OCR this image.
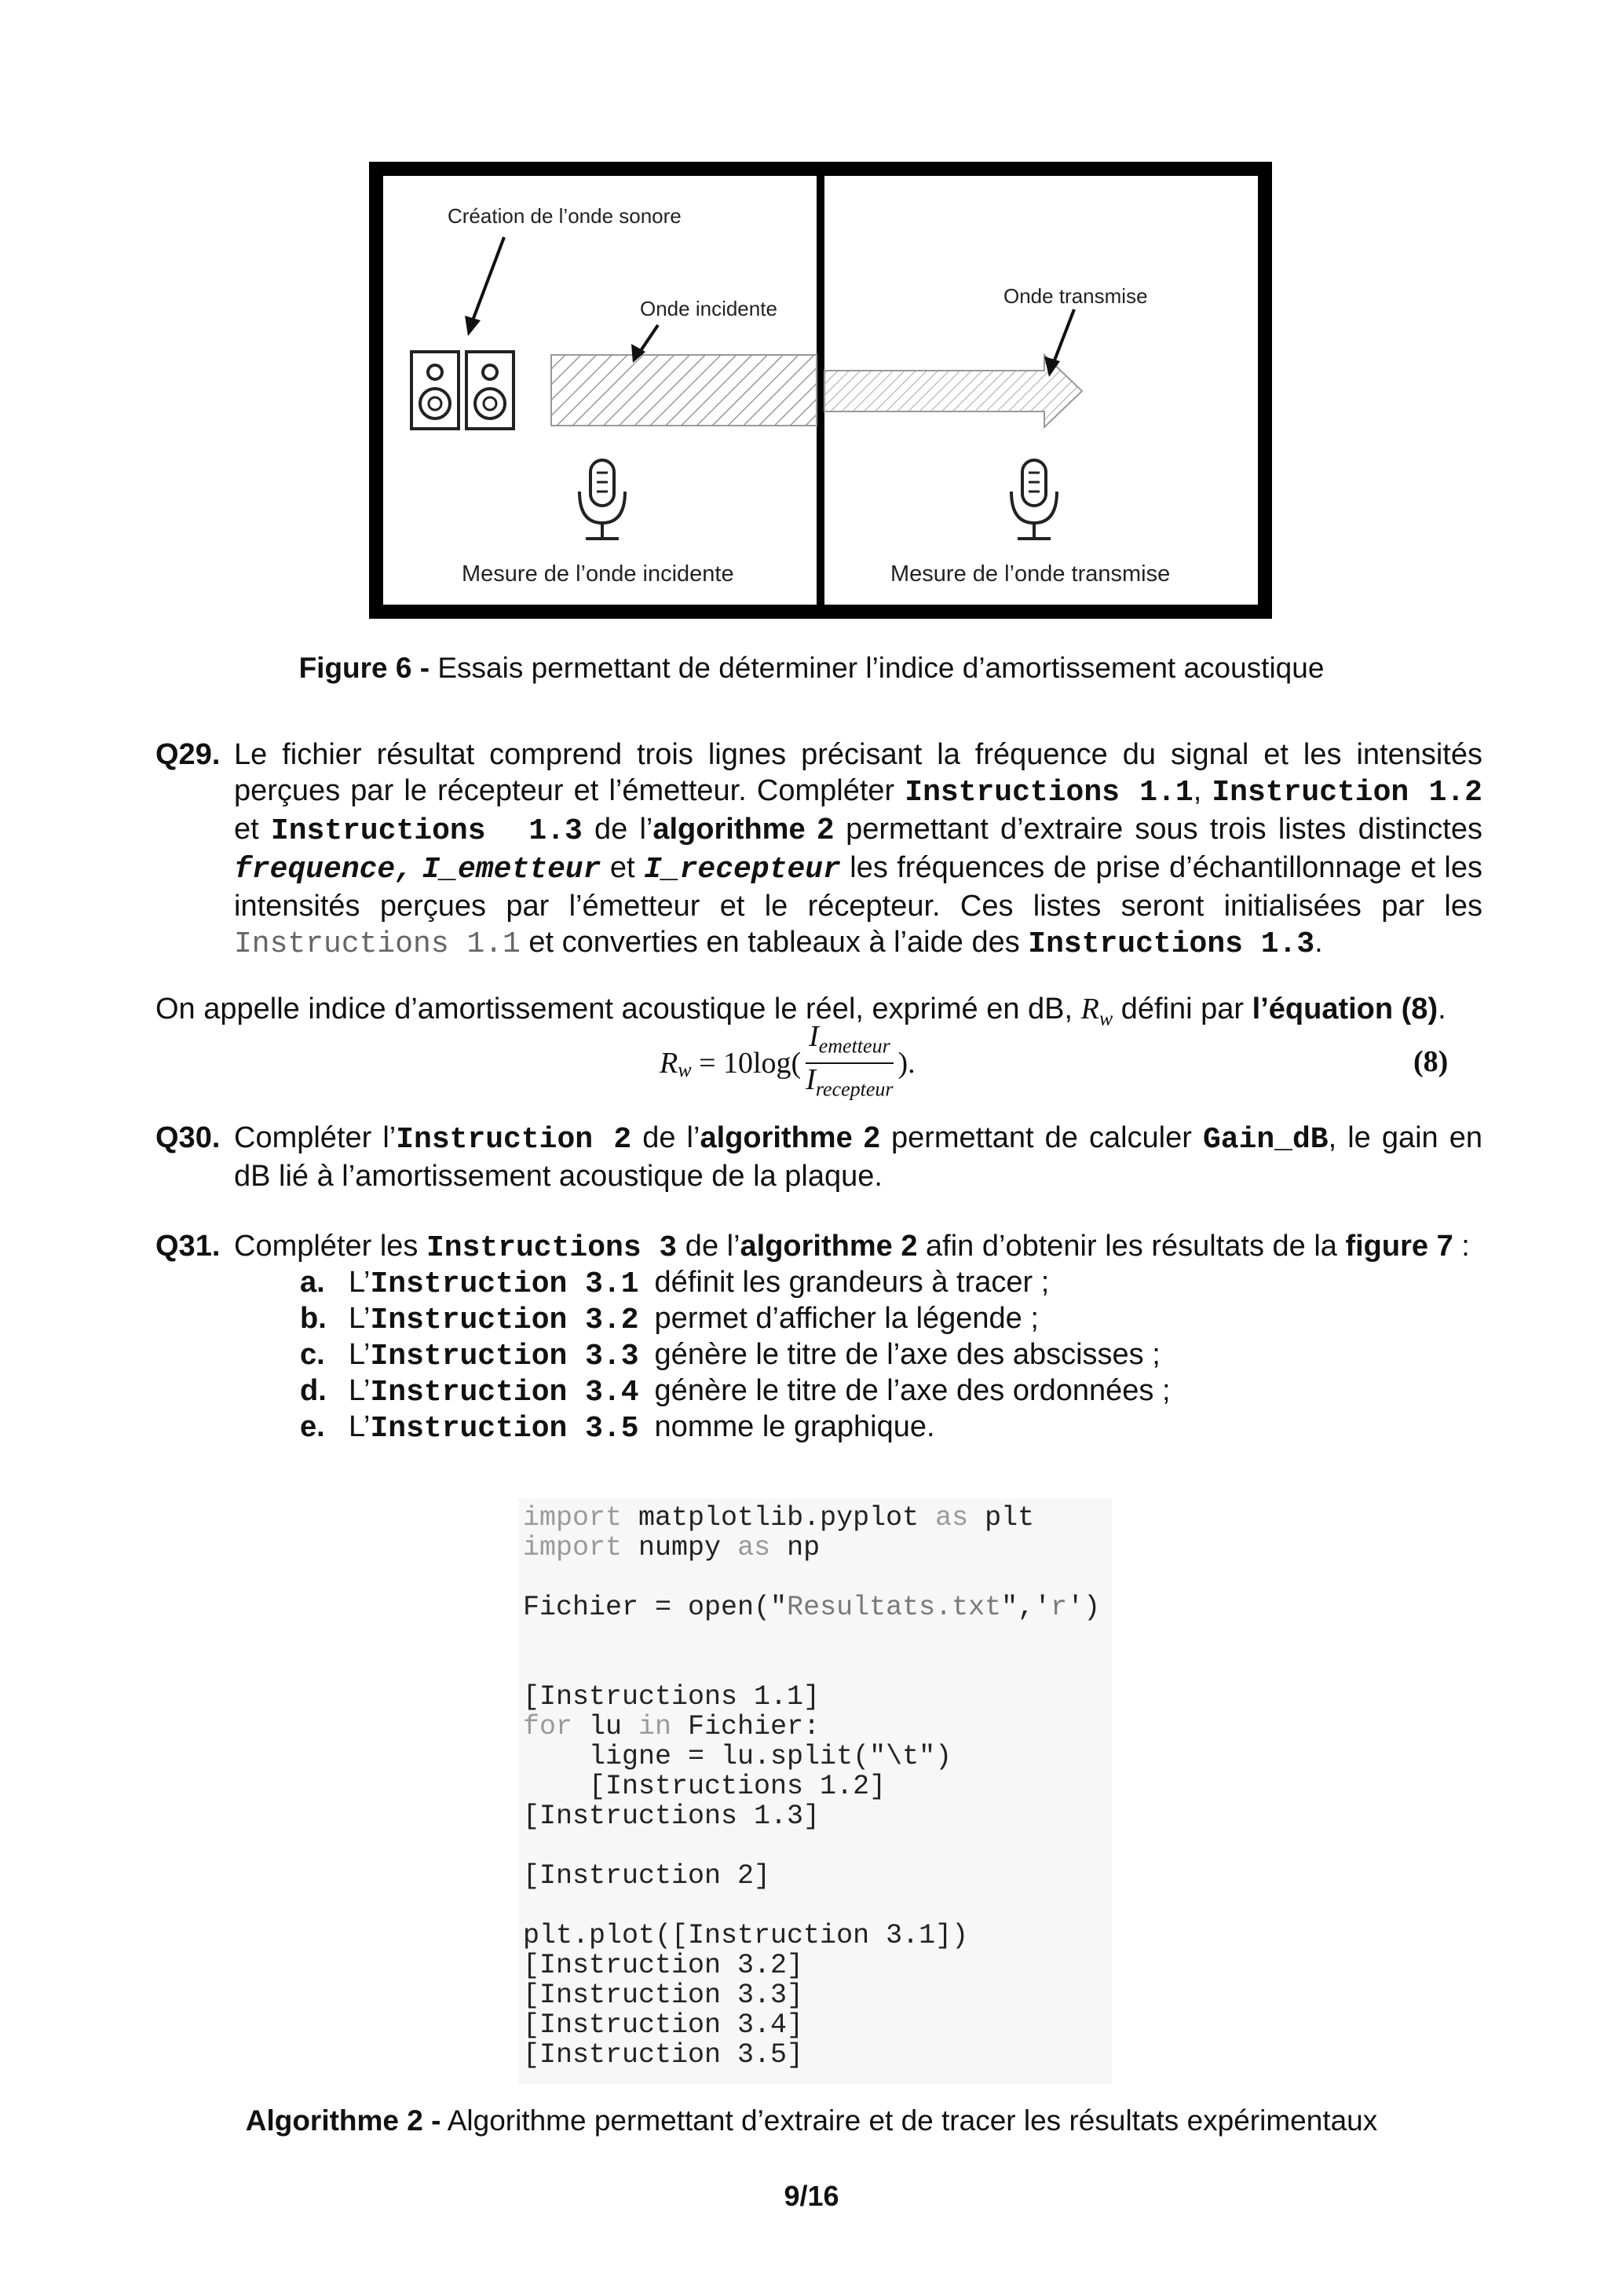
Création de l’onde sonore
Onde incidente
Onde transmise
Mesure de l’onde incidente	Mesure de l’onde transmise
Figure 6 - Essais permettant de déterminer l’indice d’amortissement acoustique
Q29. Le fichier résultat comprend trois lignes précisant la fréquence du signal et les intensités
perçues par le récepteur et l’émetteur. Compléter Instructions 1.1, Instruction 1.2
et Instructions  1.3 de l’algorithme 2 permettant d’extraire sous trois listes distinctes
frequence, I_emetteur et I_recepteur les fréquences de prise d’échantillonnage et les
intensités perçues par l’émetteur et le récepteur. Ces listes seront initialisées par les
Instructions 1.1 et converties en tableaux à l’aide des Instructions 1.3.
On appelle indice d’amortissement acoustique le réel, exprimé en dB, $R_w$ défini par l’équation (8).
$R_w = 10\log$(
$I_{emetteur}$
$I_{recepteur}$
).	(8)
Q30. Compléter l’Instruction 2 de l’algorithme 2 permettant de calculer Gain_dB, le gain en
dB lié à l’amortissement acoustique de la plaque.
Q31. Compléter les Instructions 3 de l’algorithme 2 afin d’obtenir les résultats de la figure 7 :
a. L’Instruction 3.1 définit les grandeurs à tracer ;
b. L’Instruction 3.2 permet d’afficher la légende ;
c. L’Instruction 3.3 génère le titre de l’axe des abscisses ;
d. L’Instruction 3.4 génère le titre de l’axe des ordonnées ;
e. L’Instruction 3.5 nomme le graphique.
import matplotlib.pyplot as plt
import numpy as np
Fichier = open("Resultats.txt",'r')
[Instructions 1.1]
for lu in Fichier:
ligne = lu.split("\t")
[Instructions 1.2]
[Instructions 1.3]
[Instruction 2]
plt.plot([Instruction 3.1])
[Instruction 3.2]
[Instruction 3.3]
[Instruction 3.4]
[Instruction 3.5]
Algorithme 2 - Algorithme permettant d’extraire et de tracer les résultats expérimentaux
9/16
